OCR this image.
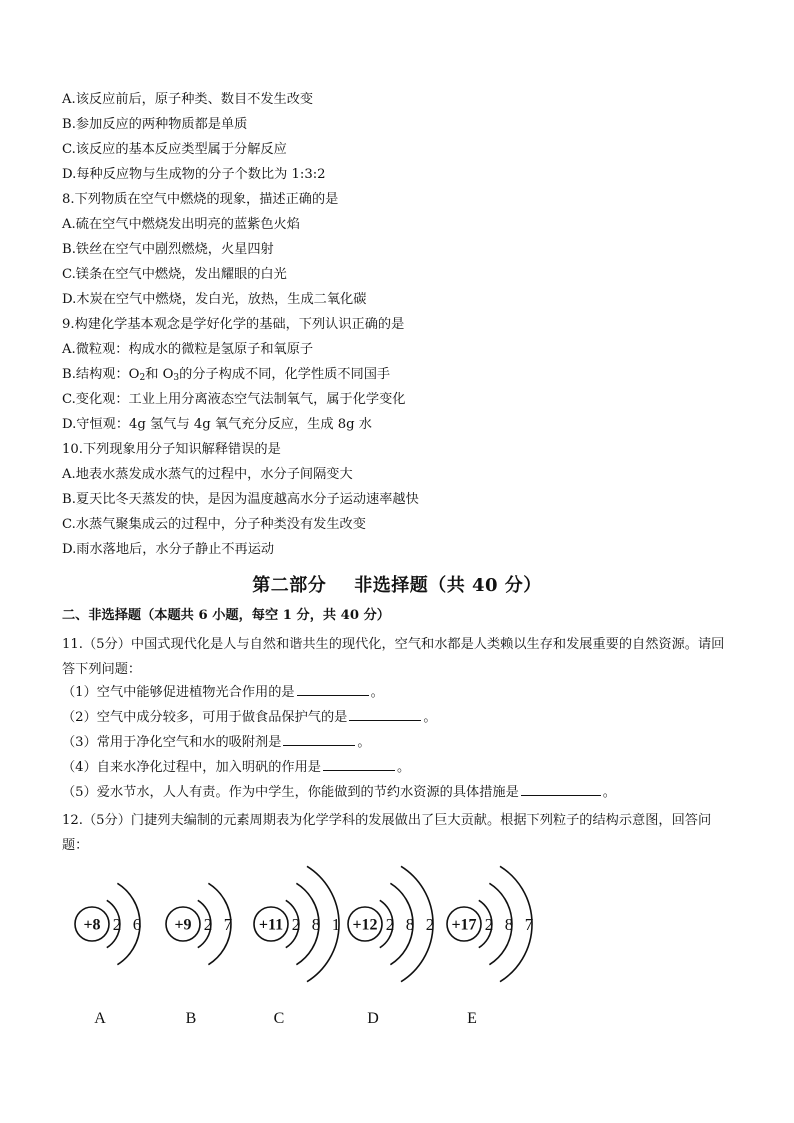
A.该反应前后，原子种类、数目不发生改变
B.参加反应的两种物质都是单质
C.该反应的基本反应类型属于分解反应
D.每种反应物与生成物的分子个数比为 1:3:2
8.下列物质在空气中燃烧的现象，描述正确的是
A.硫在空气中燃烧发出明亮的蓝紫色火焰
B.铁丝在空气中剧烈燃烧，火星四射
C.镁条在空气中燃烧，发出耀眼的白光
D.木炭在空气中燃烧，发白光，放热，生成二氧化碳
9.构建化学基本观念是学好化学的基础，下列认识正确的是
A.微粒观：构成水的微粒是氢原子和氧原子
B.结构观：$O_2$和 $O_3$的分子构成不同，化学性质不同国手
C.变化观：工业上用分离液态空气法制氧气，属于化学变化
D.守恒观：4g 氢气与 4g 氧气充分反应，生成 8g 水
10.下列现象用分子知识解释错误的是
A.地表水蒸发成水蒸气的过程中，水分子间隔变大
B.夏天比冬天蒸发的快，是因为温度越高水分子运动速率越快
C.水蒸气聚集成云的过程中，分子种类没有发生改变
D.雨水落地后，水分子静止不再运动
第二部分 非选择题（共 40 分）
二、非选择题（本题共 6 小题，每空 1 分，共 40 分）
11.（5分）中国式现代化是人与自然和谐共生的现代化，空气和水都是人类赖以生存和发展重要的自然资源。请回答下列问题：
（1）空气中能够促进植物光合作用的是	。
（2）空气中成分较多，可用于做食品保护气的是	。
（3）常用于净化空气和水的吸附剂是	。
（4）自来水净化过程中，加入明矾的作用是	。
（5）爱水节水，人人有责。作为中学生，你能做到的节约水资源的具体措施是	。
12.（5分）门捷列夫编制的元素周期表为化学学科的发展做出了巨大贡献。根据下列粒子的结构示意图，回答问题：
+8 2 6
A
+9 2 7
B
+11 2 8 1
C
+12 2 8 2
D
+17 2 8 7
E
